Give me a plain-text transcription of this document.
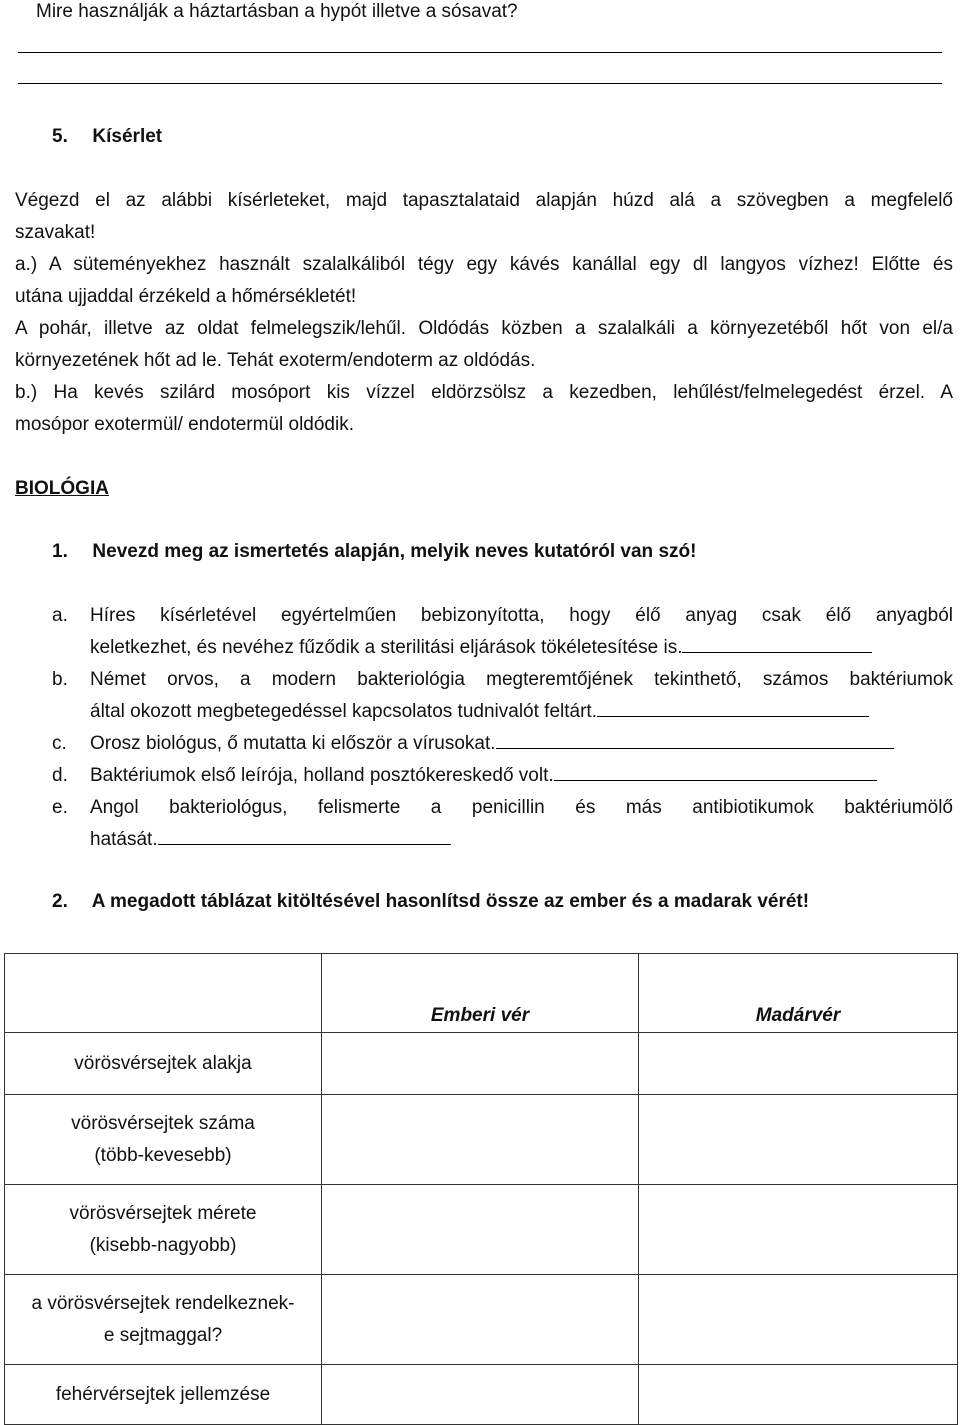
Mire használják a háztartásban a hypót illetve a sósavat?
5. Kísérlet
Végezd el az alábbi kísérleteket, majd tapasztalataid alapján húzd alá a szövegben a megfelelő
szavakat!
a.) A süteményekhez használt szalalkáliból tégy egy kávés kanállal egy dl langyos vízhez! Előtte és
utána ujjaddal érzékeld a hőmérsékletét!
A pohár, illetve az oldat felmelegszik/lehűl. Oldódás közben a szalalkáli a környezetéből hőt von el/a
környezetének hőt ad le. Tehát exoterm/endoterm az oldódás.
b.) Ha kevés szilárd mosóport kis vízzel eldörzsölsz a kezedben, lehűlést/felmelegedést érzel. A
mosópor exotermül/ endotermül oldódik.
BIOLÓGIA
1. Nevezd meg az ismertetés alapján, melyik neves kutatóról van szó!
a. Híres kísérletével egyértelműen bebizonyította, hogy élő anyag csak élő anyagból
keletkezhet, és nevéhez fűződik a sterilitási eljárások tökéletesítése is.
b. Német orvos, a modern bakteriológia megteremtőjének tekinthető, számos baktériumok
által okozott megbetegedéssel kapcsolatos tudnivalót feltárt.
c. Orosz biológus, ő mutatta ki először a vírusokat.
d. Baktériumok első leírója, holland posztókereskedő volt.
e. Angol bakteriológus, felismerte a penicillin és más antibiotikumok baktériumölő
hatását.
2. A megadott táblázat kitöltésével hasonlítsd össze az ember és a madarak vérét!
	Emberi vér	Madárvér

vörösvérsejtek alakja		

vörösvérsejtek száma
(több-kevesebb)		

vörösvérsejtek mérete
(kisebb-nagyobb)		

a vörösvérsejtek rendelkeznek-
e sejtmaggal?		

fehérvérsejtek jellemzése		
